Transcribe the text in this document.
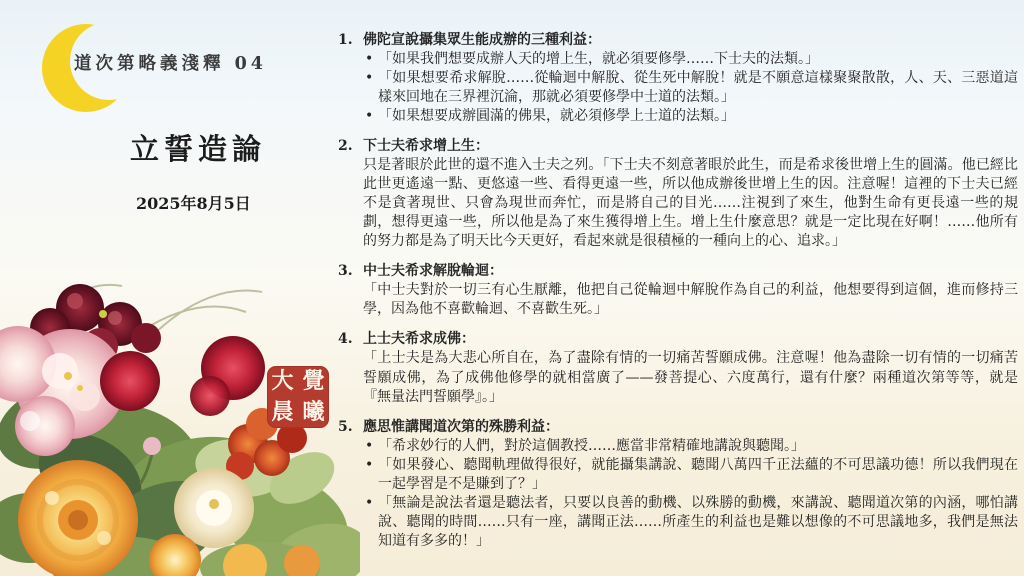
道次第略義淺釋 04
立誓造論
2025年8月5日
大 覺
晨 曦
1. 佛陀宣說攝集眾生能成辦的三種利益：
• 「如果我們想要成辦人天的增上生，就必須要修學……下士夫的法類。」
• 「如果想要希求解脫……從輪迴中解脫、從生死中解脫！就是不願意這樣聚聚散散，人、天、三惡道這樣來回地在三界裡沉淪，那就必須要修學中士道的法類。」
• 「如果想要成辦圓滿的佛果，就必須修學上士道的法類。」
2. 下士夫希求增上生：
只是著眼於此世的還不進入士夫之列。「下士夫不刻意著眼於此生，而是希求後世增上生的圓滿。他已經比此世更遙遠一點、更悠遠一些、看得更遠一些，所以他成辦後世增上生的因。注意喔！這裡的下士夫已經不是貪著現世、只會為現世而奔忙，而是將自己的目光……注視到了來生，他對生命有更長遠一些的規劃，想得更遠一些，所以他是為了來生獲得增上生。增上生什麼意思？就是一定比現在好啊！……他所有的努力都是為了明天比今天更好，看起來就是很積極的一種向上的心、追求。」
3. 中士夫希求解脫輪迴：
「中士夫對於一切三有心生厭離，他把自己從輪迴中解脫作為自己的利益，他想要得到這個，進而修持三學，因為他不喜歡輪迴、不喜歡生死。」
4. 上士夫希求成佛：
「上士夫是為大悲心所自在，為了盡除有情的一切痛苦誓願成佛。注意喔！他為盡除一切有情的一切痛苦誓願成佛，為了成佛他修學的就相當廣了——發菩提心、六度萬行，還有什麼？兩種道次第等等，就是『無量法門誓願學』。」
5. 應思惟講聞道次第的殊勝利益：
• 「希求妙行的人們，對於這個教授……應當非常精確地講說與聽聞。」
• 「如果發心、聽聞軌理做得很好，就能攝集講說、聽聞八萬四千正法蘊的不可思議功德！所以我們現在一起學習是不是賺到了？」
• 「無論是說法者還是聽法者，只要以良善的動機、以殊勝的動機，來講說、聽聞道次第的內涵，哪怕講說、聽聞的時間……只有一座，講聞正法……所產生的利益也是難以想像的不可思議地多，我們是無法知道有多多的！」
